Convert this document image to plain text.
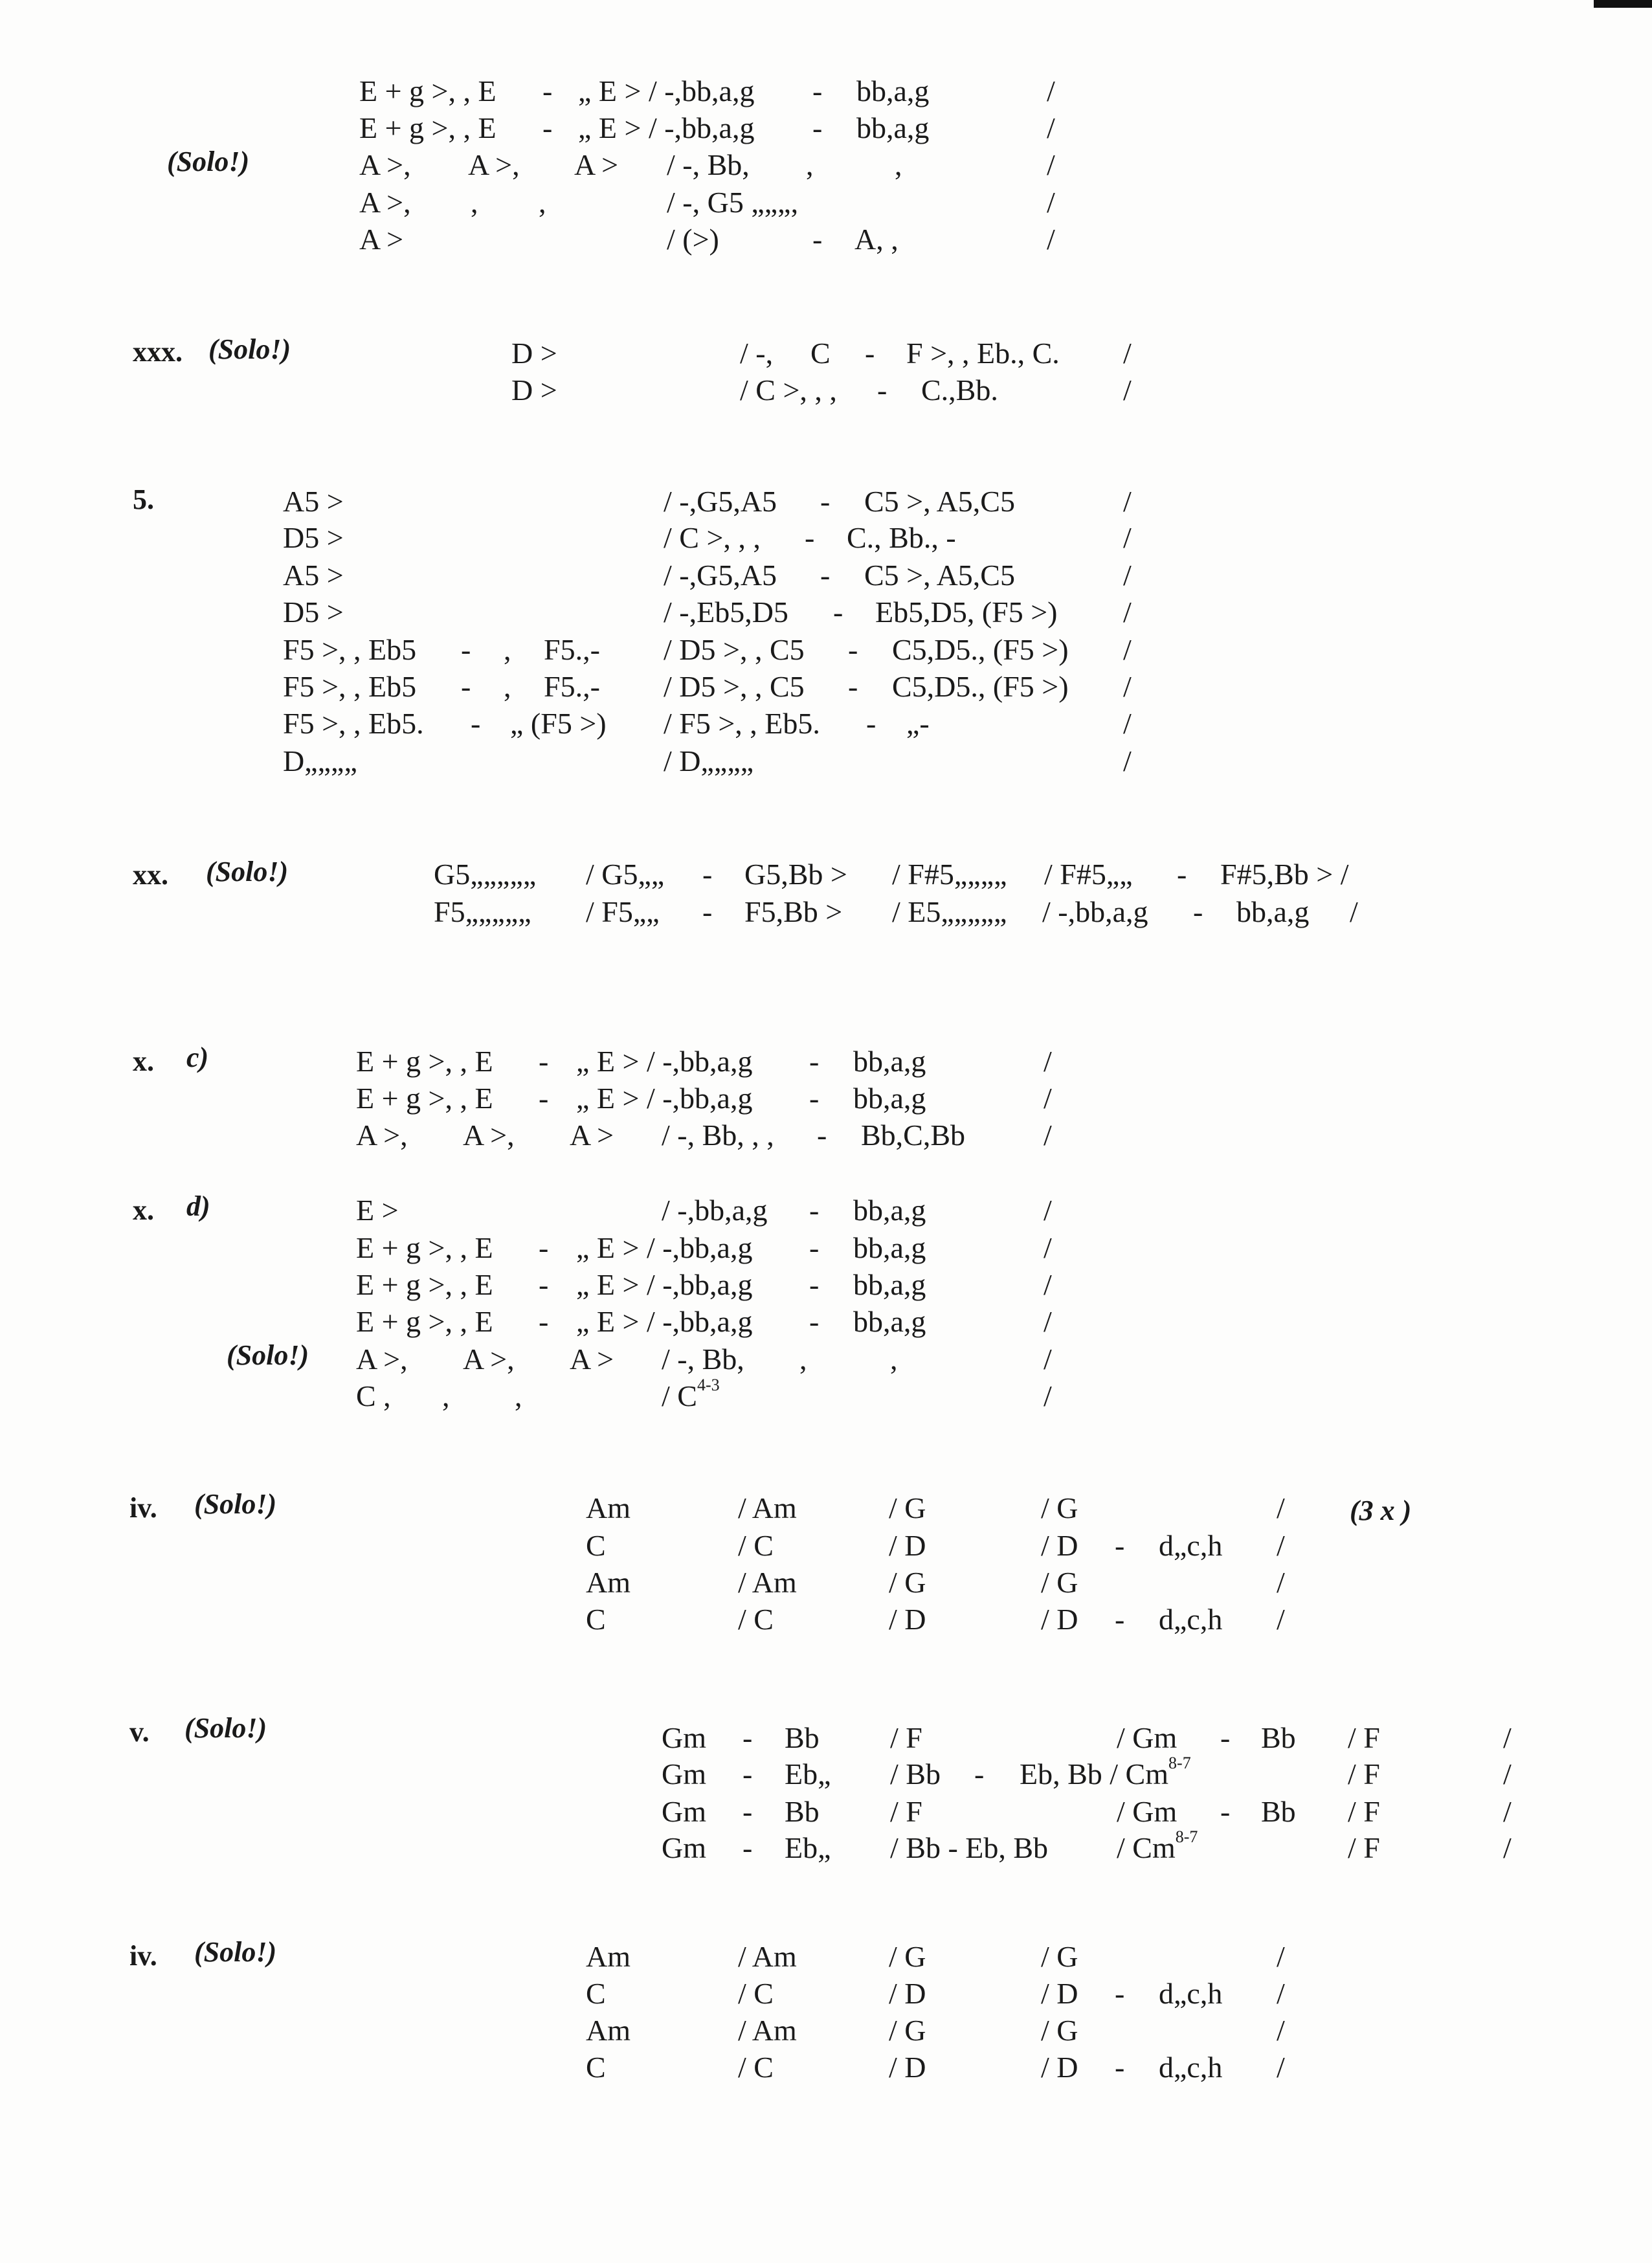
E + g >, , E - „ E > / -,bb,a,g - bb,a,g	/
E + g >, , E - „ E > / -,bb,a,g - bb,a,g	/
(Solo!)	A >, A >, A > / -, Bb, ,	,	/
A >, , ,	/ -, G5 „„„,	/
A >	/ (>)	- A, ,	/
xxx. (Solo!)	D >	/ -, C - F >, , Eb., C. /
D >	/ C >, , , - C.,Bb.	/
5.	A5 >	/ -,G5,A5 - C5 >, A5,C5	/
D5 >	/ C >, , , - C., Bb., -	/
A5 >	/ -,G5,A5 - C5 >, A5,C5	/
D5 >	/ -,Eb5,D5 - Eb5,D5, (F5 >) /
F5 >, , Eb5 - , F5.,- / D5 >, , C5 - C5,D5., (F5 >) /
F5 >, , Eb5 - , F5.,- / D5 >, , C5 - C5,D5., (F5 >) /
F5 >, , Eb5. - „ (F5 >) / F5 >, , Eb5. - „-	/
D„„„„	/ D„„„„	/
xx. (Solo!)	G5„„„„„ / G5„„ - G5,Bb > / F#5„„„„ / F#5„„ - F#5,Bb > /
F5„„„„„ / F5„„ - F5,Bb > / E5„„„„„ / -,bb,a,g - bb,a,g /
x. c)	E + g >, , E - „ E > / -,bb,a,g - bb,a,g	/
E + g >, , E - „ E > / -,bb,a,g - bb,a,g	/
A >, A >, A > / -, Bb, , , - Bb,C,Bb	/
x. d)	E >	/ -,bb,a,g - bb,a,g	/
E + g >, , E - „ E > / -,bb,a,g - bb,a,g	/
E + g >, , E - „ E > / -,bb,a,g - bb,a,g	/
E + g >, , E - „ E > / -,bb,a,g - bb,a,g	/
(Solo!) A >, A >, A > / -, Bb, ,	,	/
C , , ,	/ $C^{4-3}$	/
iv. (Solo!)	Am	/ Am	/ G	/ G	/ (3 x )
C	/ C	/ D	/ D - d„c,h /
Am	/ Am	/ G	/ G	/
C	/ C	/ D	/ D - d„c,h /
v. (Solo!)	Gm - Bb / F	/ Gm - Bb / F	/
Gm - Eb„ / Bb - Eb, Bb / Cm$^{8-7}$	/ F	/
Gm - Bb / F	/ Gm - Bb / F	/
Gm - Eb„ / Bb - Eb, Bb / Cm$^{8-7}$	/ F	/
iv. (Solo!)	Am	/ Am	/ G	/ G	/
C	/ C	/ D	/ D - d„c,h /
Am	/ Am	/ G	/ G	/
C	/ C	/ D	/ D - d„c,h /
